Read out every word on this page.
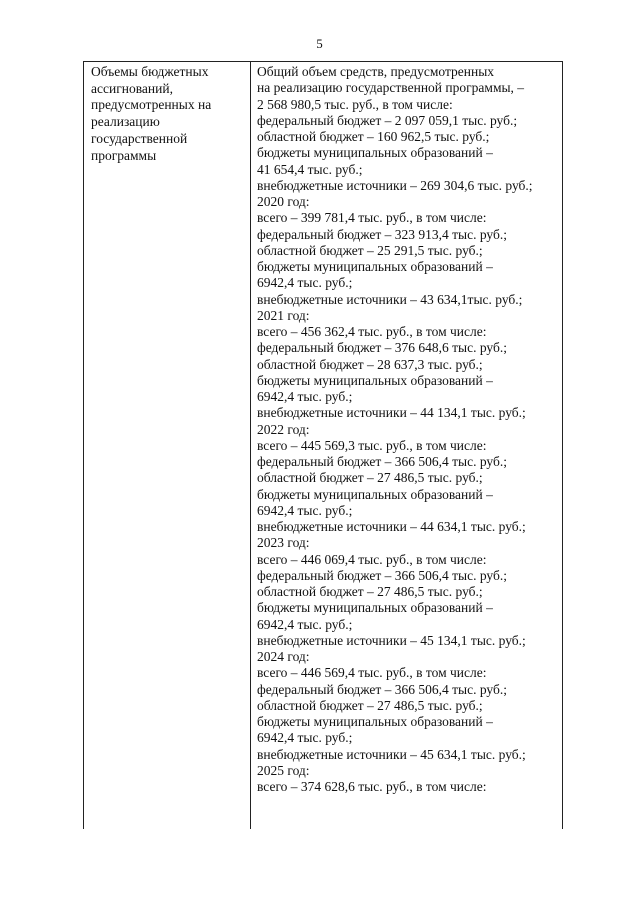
5
Объемы бюджетных
ассигнований,
предусмотренных на
реализацию
государственной
программы
Общий объем средств, предусмотренных
на реализацию государственной программы, –
2 568 980,5 тыс. руб., в том числе:
федеральный бюджет – 2 097 059,1 тыс. руб.;
областной бюджет – 160 962,5 тыс. руб.;
бюджеты муниципальных образований –
41 654,4 тыс. руб.;
внебюджетные источники – 269 304,6 тыс. руб.;
2020 год:
всего – 399 781,4 тыс. руб., в том числе:
федеральный бюджет – 323 913,4 тыс. руб.;
областной бюджет – 25 291,5 тыс. руб.;
бюджеты муниципальных образований –
6942,4 тыс. руб.;
внебюджетные источники – 43 634,1тыс. руб.;
2021 год:
всего – 456 362,4 тыс. руб., в том числе:
федеральный бюджет – 376 648,6 тыс. руб.;
областной бюджет – 28 637,3 тыс. руб.;
бюджеты муниципальных образований –
6942,4 тыс. руб.;
внебюджетные источники – 44 134,1 тыс. руб.;
2022 год:
всего – 445 569,3 тыс. руб., в том числе:
федеральный бюджет – 366 506,4 тыс. руб.;
областной бюджет – 27 486,5 тыс. руб.;
бюджеты муниципальных образований –
6942,4 тыс. руб.;
внебюджетные источники – 44 634,1 тыс. руб.;
2023 год:
всего – 446 069,4 тыс. руб., в том числе:
федеральный бюджет – 366 506,4 тыс. руб.;
областной бюджет – 27 486,5 тыс. руб.;
бюджеты муниципальных образований –
6942,4 тыс. руб.;
внебюджетные источники – 45 134,1 тыс. руб.;
2024 год:
всего – 446 569,4 тыс. руб., в том числе:
федеральный бюджет – 366 506,4 тыс. руб.;
областной бюджет – 27 486,5 тыс. руб.;
бюджеты муниципальных образований –
6942,4 тыс. руб.;
внебюджетные источники – 45 634,1 тыс. руб.;
2025 год:
всего – 374 628,6 тыс. руб., в том числе:
